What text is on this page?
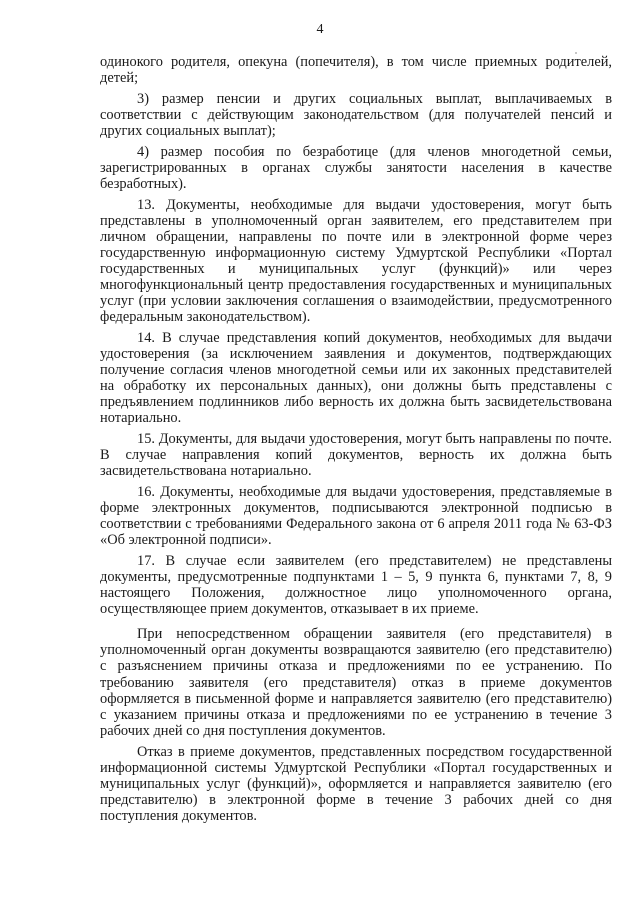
4

одинокого родителя, опекуна (попечителя), в том числе приемных родителей, детей;

3) размер пенсии и других социальных выплат, выплачиваемых в соответствии с действующим законодательством (для получателей пенсий и других социальных выплат);

4) размер пособия по безработице (для членов многодетной семьи, зарегистрированных в органах службы занятости населения в качестве безработных).

13. Документы, необходимые для выдачи удостоверения, могут быть представлены в уполномоченный орган заявителем, его представителем при личном обращении, направлены по почте или в электронной форме через государственную информационную систему Удмуртской Республики «Портал государственных и муниципальных услуг (функций)» или через многофункциональный центр предоставления государственных и муниципальных услуг (при условии заключения соглашения о взаимодействии, предусмотренного федеральным законодательством).

14. В случае представления копий документов, необходимых для выдачи удостоверения (за исключением заявления и документов, подтверждающих получение согласия членов многодетной семьи или их законных представителей на обработку их персональных данных), они должны быть представлены с предъявлением подлинников либо верность их должна быть засвидетельствована нотариально.

15. Документы, для выдачи удостоверения, могут быть направлены по почте. В случае направления копий документов, верность их должна быть засвидетельствована нотариально.

16. Документы, необходимые для выдачи удостоверения, представляемые в форме электронных документов, подписываются электронной подписью в соответствии с требованиями Федерального закона от 6 апреля 2011 года № 63-ФЗ «Об электронной подписи».

17. В случае если заявителем (его представителем) не представлены документы, предусмотренные подпунктами 1 – 5, 9 пункта 6, пунктами 7, 8, 9 настоящего Положения, должностное лицо уполномоченного органа, осуществляющее прием документов, отказывает в их приеме.

При непосредственном обращении заявителя (его представителя) в уполномоченный орган документы возвращаются заявителю (его представителю) с разъяснением причины отказа и предложениями по ее устранению. По требованию заявителя (его представителя) отказ в приеме документов оформляется в письменной форме и направляется заявителю (его представителю) с указанием причины отказа и предложениями по ее устранению в течение 3 рабочих дней со дня поступления документов.

Отказ в приеме документов, представленных посредством государственной информационной системы Удмуртской Республики «Портал государственных и муниципальных услуг (функций)», оформляется и направляется заявителю (его представителю) в электронной форме в течение 3 рабочих дней со дня поступления документов.
